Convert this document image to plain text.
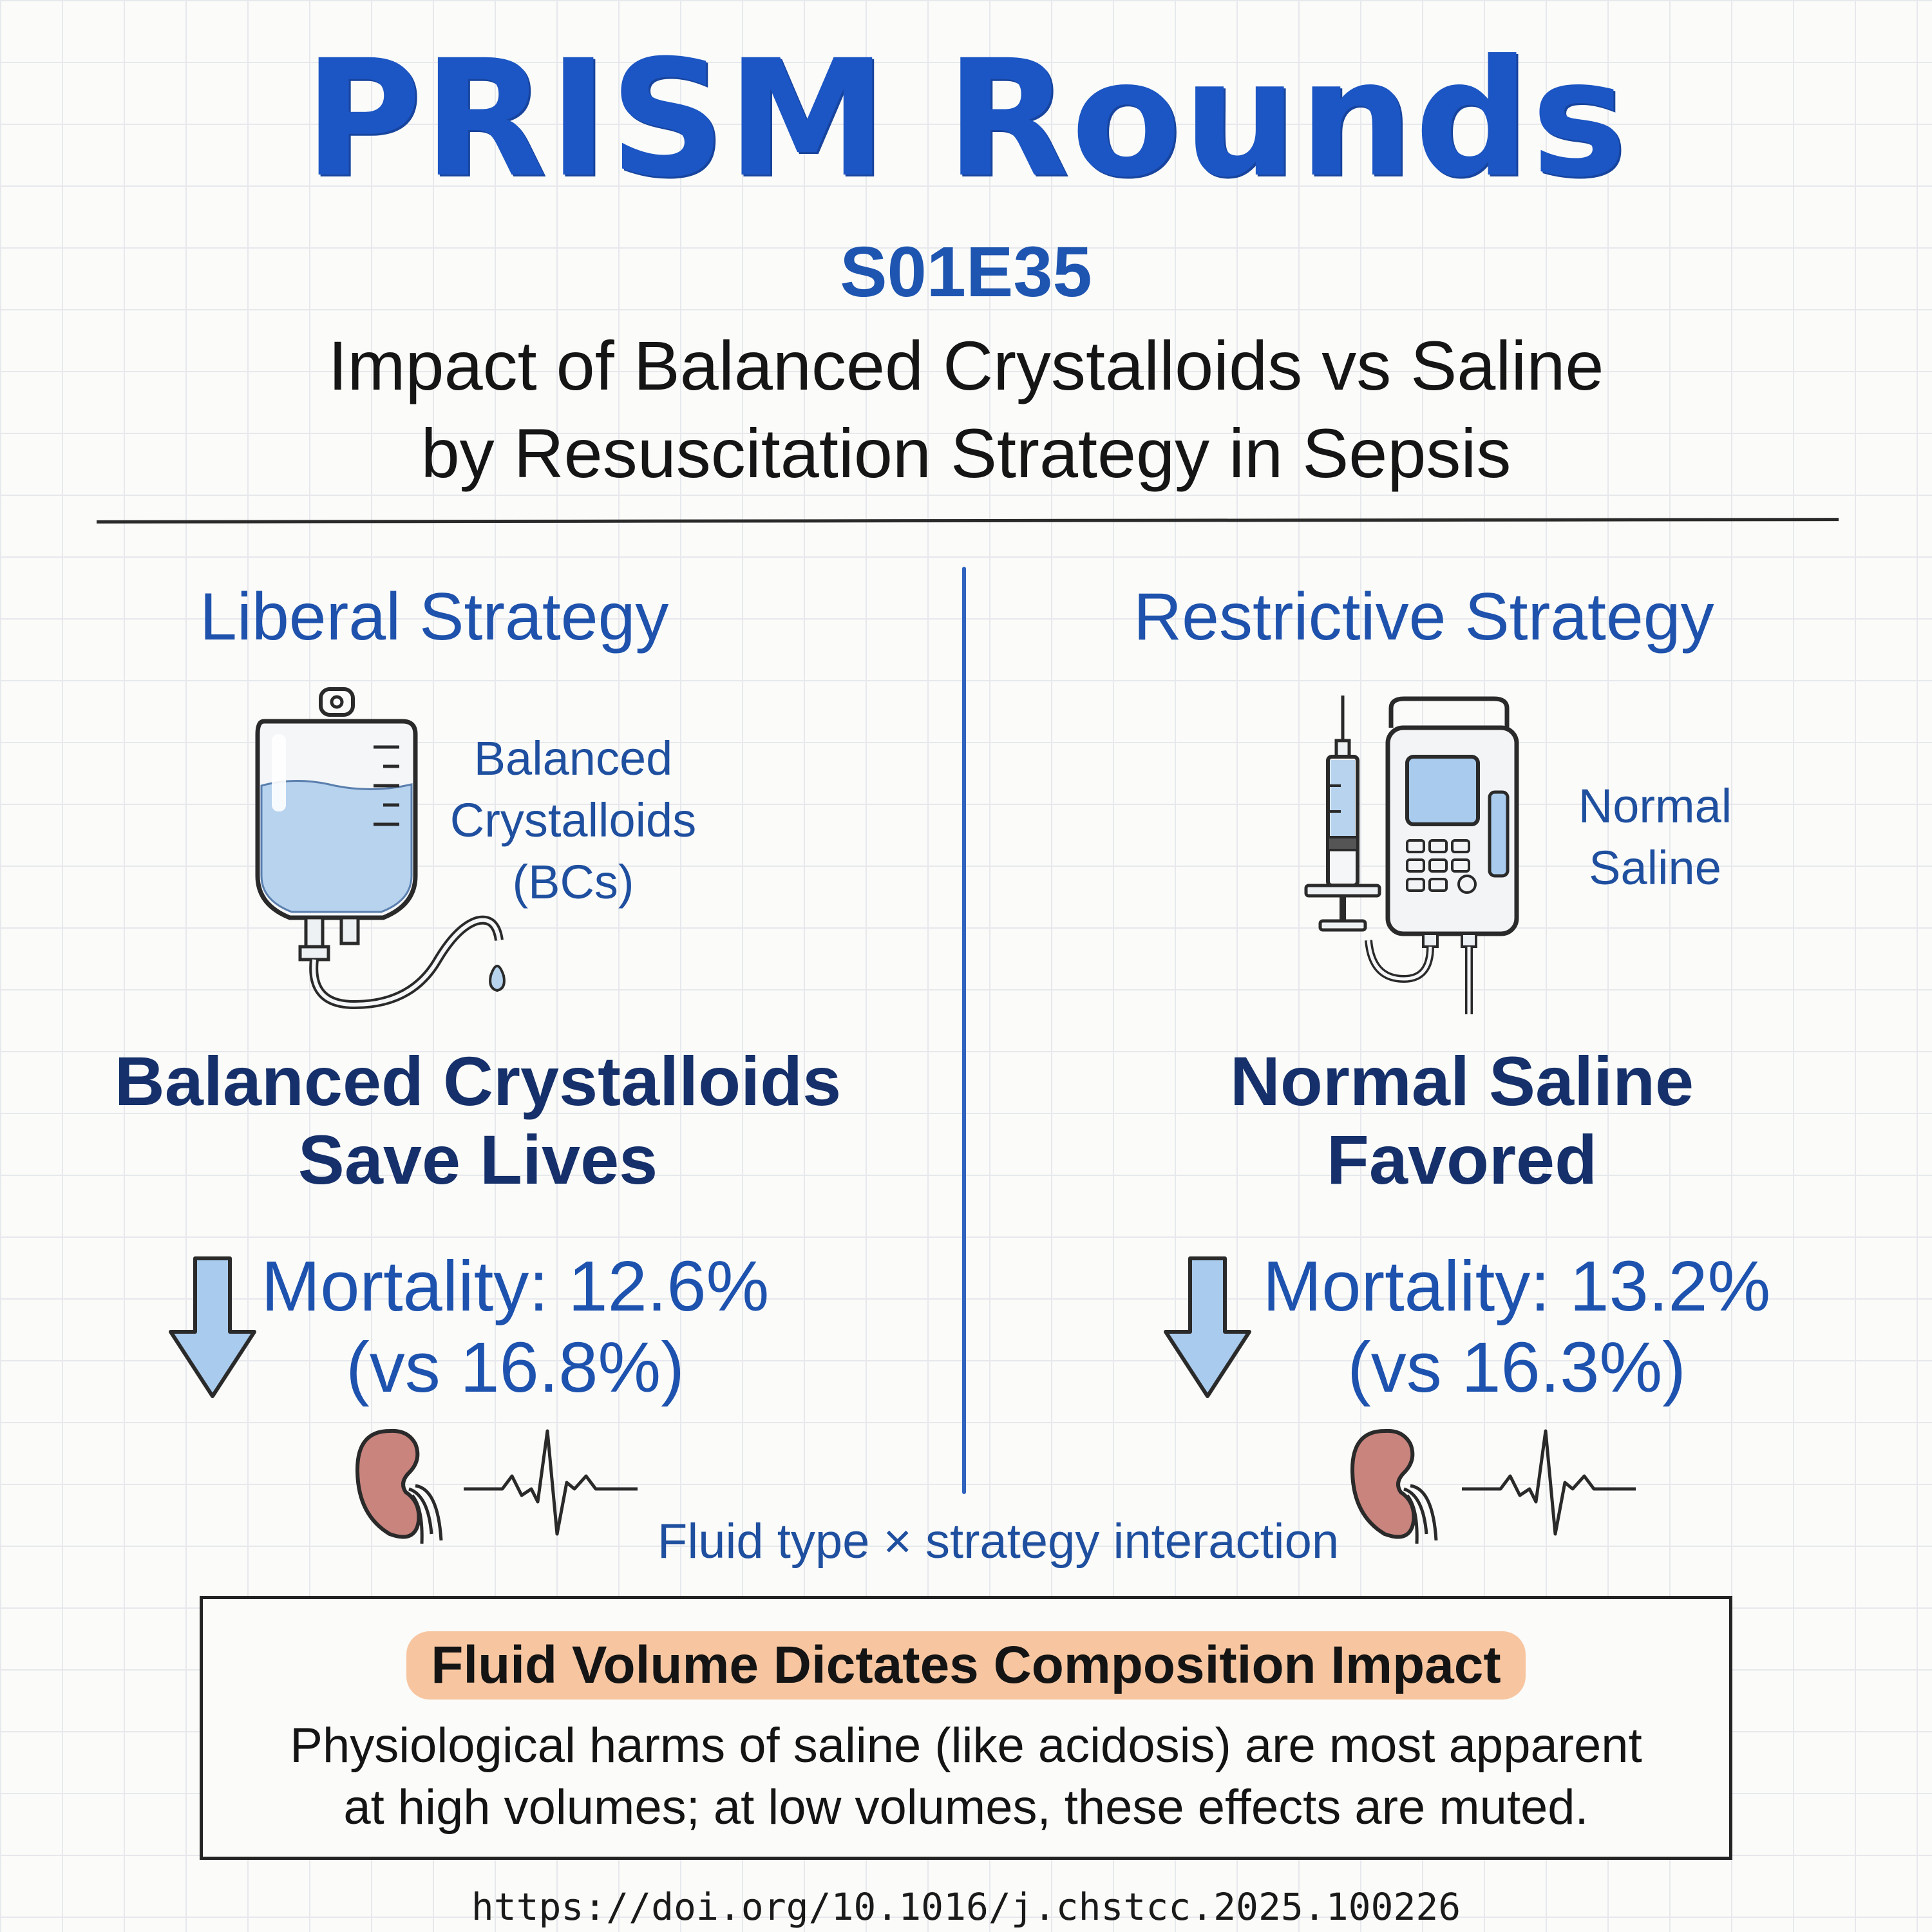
PRISM Rounds
S01E35
Impact of Balanced Crystalloids vs Saline
by Resuscitation Strategy in Sepsis
Liberal Strategy
Balanced
Crystalloids
(BCs)
Balanced Crystalloids
Save Lives
Mortality: 12.6%
(vs 16.8%)
Restrictive Strategy
Normal
Saline
Normal Saline
Favored
Mortality: 13.2%
(vs 16.3%)
Fluid type × strategy interaction
Fluid Volume Dictates Composition Impact
Physiological harms of saline (like acidosis) are most apparent
at high volumes; at low volumes, these effects are muted.
https://doi.org/10.1016/j.chstcc.2025.100226
